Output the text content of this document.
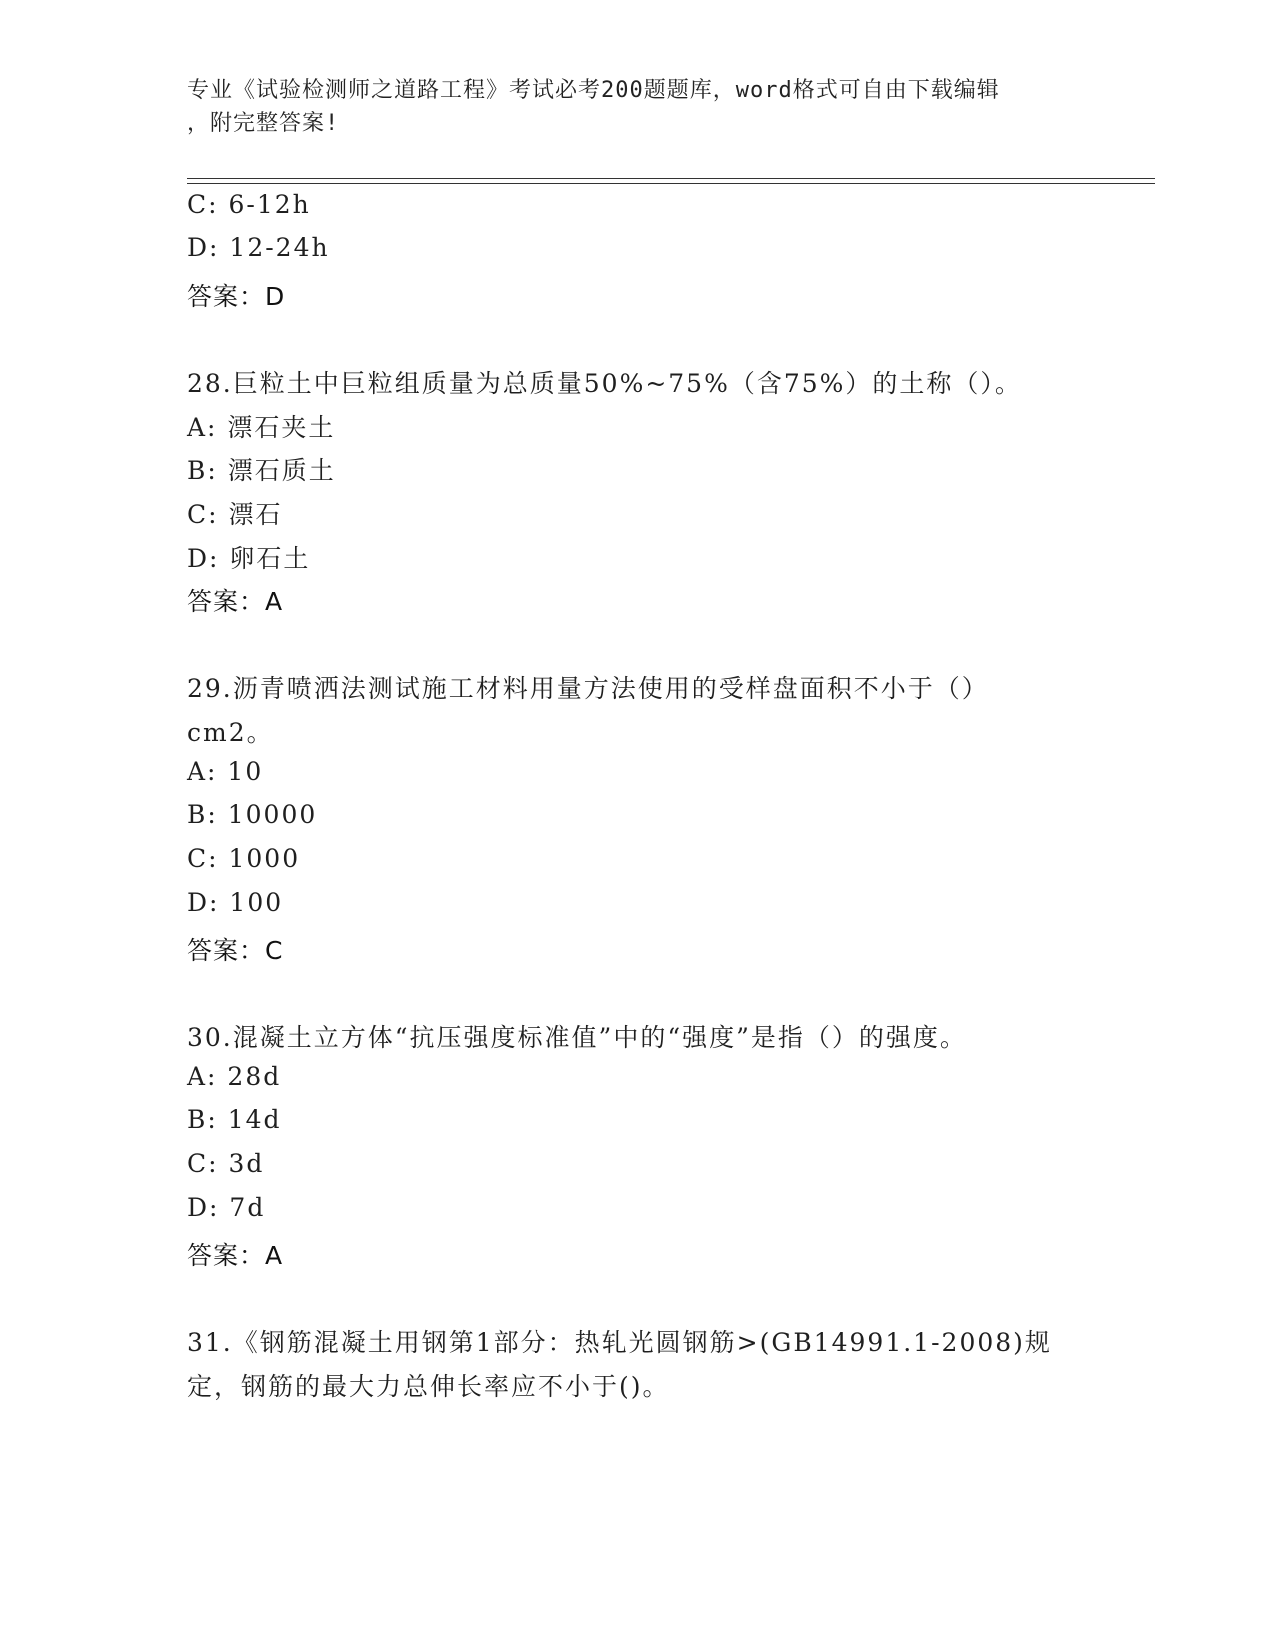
专业《试验检测师之道路工程》考试必考200题题库，word格式可自由下载编辑
，附完整答案!
C: 6-12h
D: 12-24h
答案：D
28.巨粒土中巨粒组质量为总质量50%~75%（含75%）的土称（）。
A: 漂石夹土
B: 漂石质土
C: 漂石
D: 卵石土
答案：A
29.沥青喷洒法测试施工材料用量方法使用的受样盘面积不小于（）
cm2。
A: 10
B: 10000
C: 1000
D: 100
答案：C
30.混凝土立方体“抗压强度标准值”中的“强度”是指（）的强度。
A: 28d
B: 14d
C: 3d
D: 7d
答案：A
31.《钢筋混凝土用钢第1部分：热轧光圆钢筋>(GB14991.1-2008)规
定，钢筋的最大力总伸长率应不小于()。
